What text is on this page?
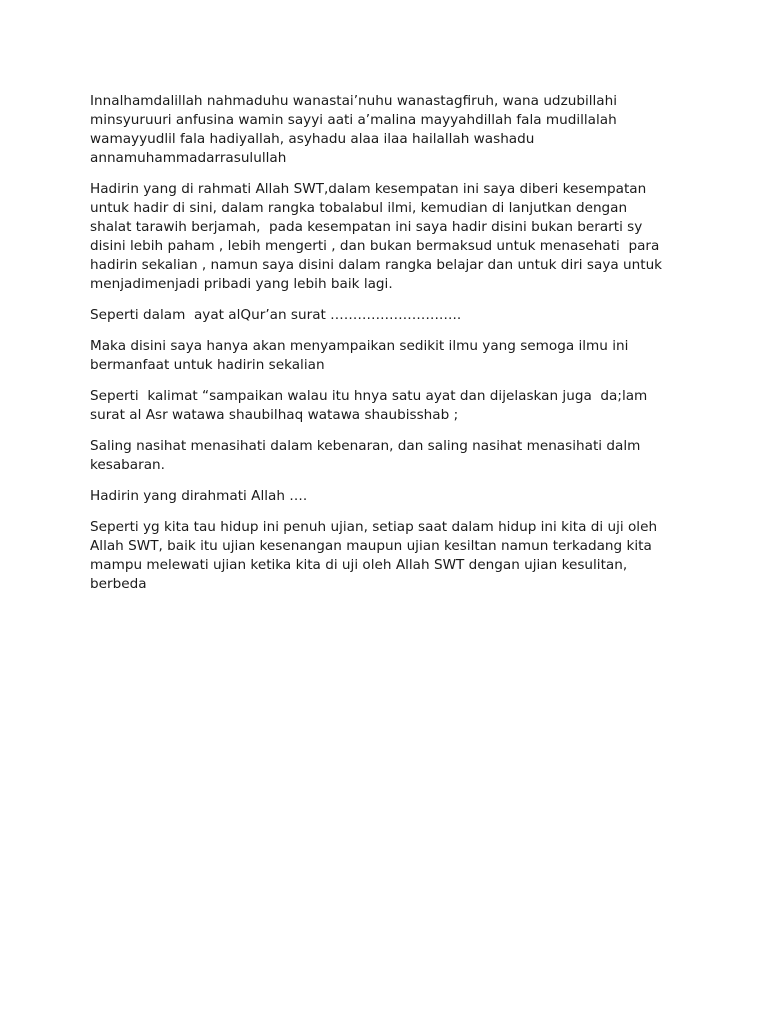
Innalhamdalillah nahmaduhu wanastai’nuhu wanastagfiruh, wana udzubillahi
minsyuruuri anfusina wamin sayyi aati a’malina mayyahdillah fala mudillalah
wamayyudlil fala hadiyallah, asyhadu alaa ilaa hailallah washadu
annamuhammadarrasulullah

Hadirin yang di rahmati Allah SWT,dalam kesempatan ini saya diberi kesempatan
untuk hadir di sini, dalam rangka tobalabul ilmi, kemudian di lanjutkan dengan
shalat tarawih berjamah,  pada kesempatan ini saya hadir disini bukan berarti sy
disini lebih paham , lebih mengerti , dan bukan bermaksud untuk menasehati  para
hadirin sekalian , namun saya disini dalam rangka belajar dan untuk diri saya untuk
menjadimenjadi pribadi yang lebih baik lagi.

Seperti dalam  ayat alQur’an surat ………………………..

Maka disini saya hanya akan menyampaikan sedikit ilmu yang semoga ilmu ini
bermanfaat untuk hadirin sekalian

Seperti  kalimat “sampaikan walau itu hnya satu ayat dan dijelaskan juga  da;lam
surat al Asr watawa shaubilhaq watawa shaubisshab ;

Saling nasihat menasihati dalam kebenaran, dan saling nasihat menasihati dalm
kesabaran.

Hadirin yang dirahmati Allah ….

Seperti yg kita tau hidup ini penuh ujian, setiap saat dalam hidup ini kita di uji oleh
Allah SWT, baik itu ujian kesenangan maupun ujian kesiltan namun terkadang kita
mampu melewati ujian ketika kita di uji oleh Allah SWT dengan ujian kesulitan,
berbeda
